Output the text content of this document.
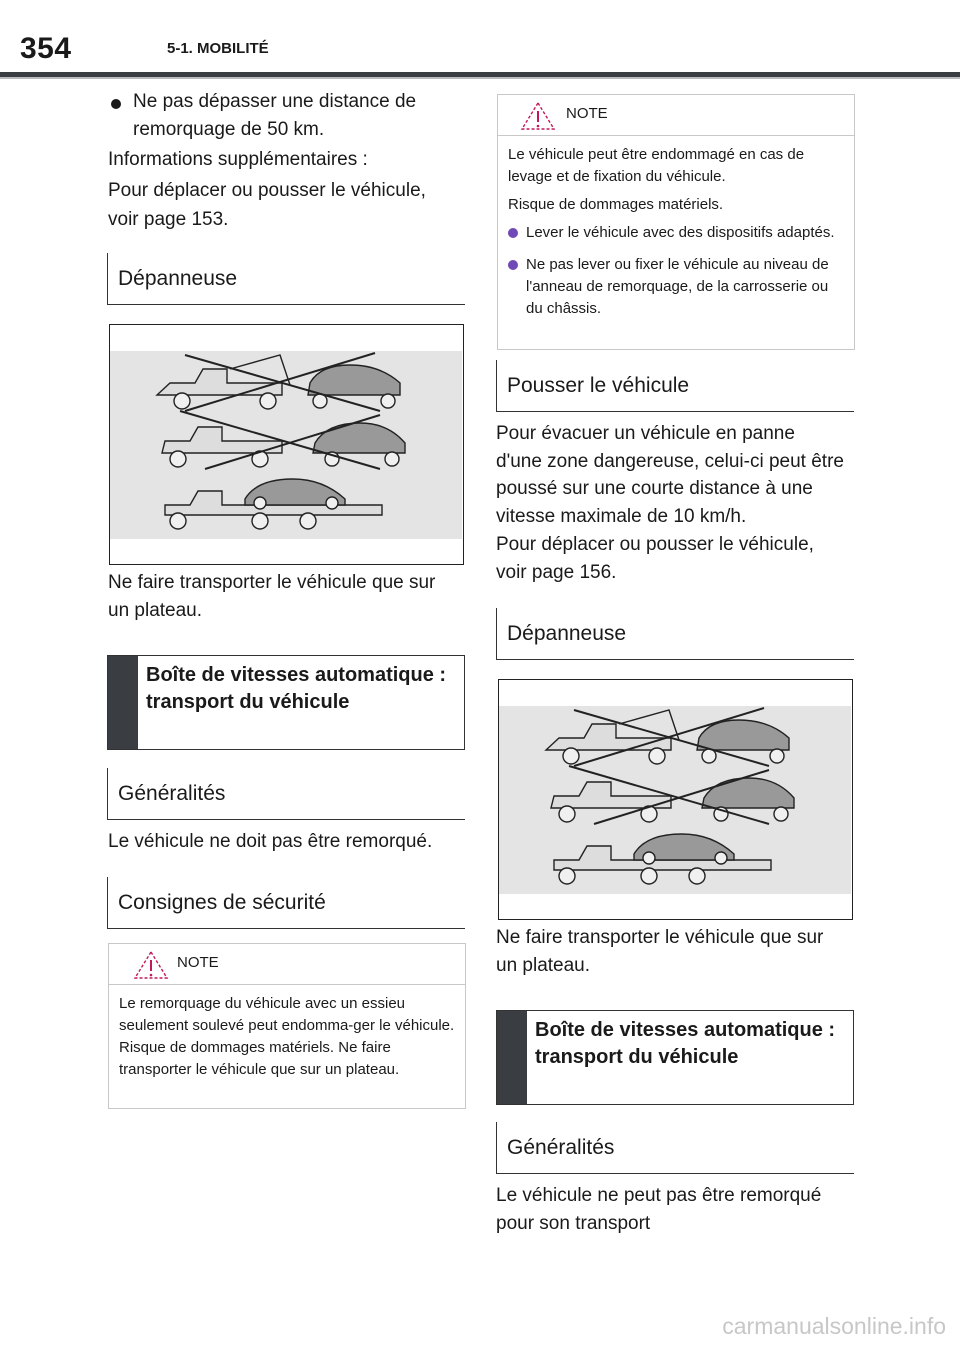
354	5-1. MOBILITÉ
Ne pas dépasser une distance de remorquage de 50 km.
Informations supplémentaires :
Pour déplacer ou pousser le véhicule, voir page 153.
Dépanneuse
Ne faire transporter le véhicule que sur un plateau.
Boîte de vitesses automatique : transport du véhicule
Généralités
Le véhicule ne doit pas être remorqué.
Consignes de sécurité
NOTE

Le remorquage du véhicule avec un essieu seulement soulevé peut endomma-ger le véhicule. Risque de dommages matériels. Ne faire transporter le véhicule que sur un plateau.

NOTE

Le véhicule peut être endommagé en cas de levage et de fixation du véhicule.

Risque de dommages matériels.

Lever le véhicule avec des dispositifs adaptés.
Ne pas lever ou fixer le véhicule au niveau de l'anneau de remorquage, de la carrosserie ou du châssis.
Pousser le véhicule
Pour évacuer un véhicule en panne d'une zone dangereuse, celui-ci peut être poussé sur une courte distance à une vitesse maximale de 10 km/h.
Pour déplacer ou pousser le véhicule, voir page 156.
Dépanneuse
Ne faire transporter le véhicule que sur un plateau.
Boîte de vitesses automatique : transport du véhicule
Généralités
Le véhicule ne peut pas être remorqué pour son transport
carmanualsonline.info
